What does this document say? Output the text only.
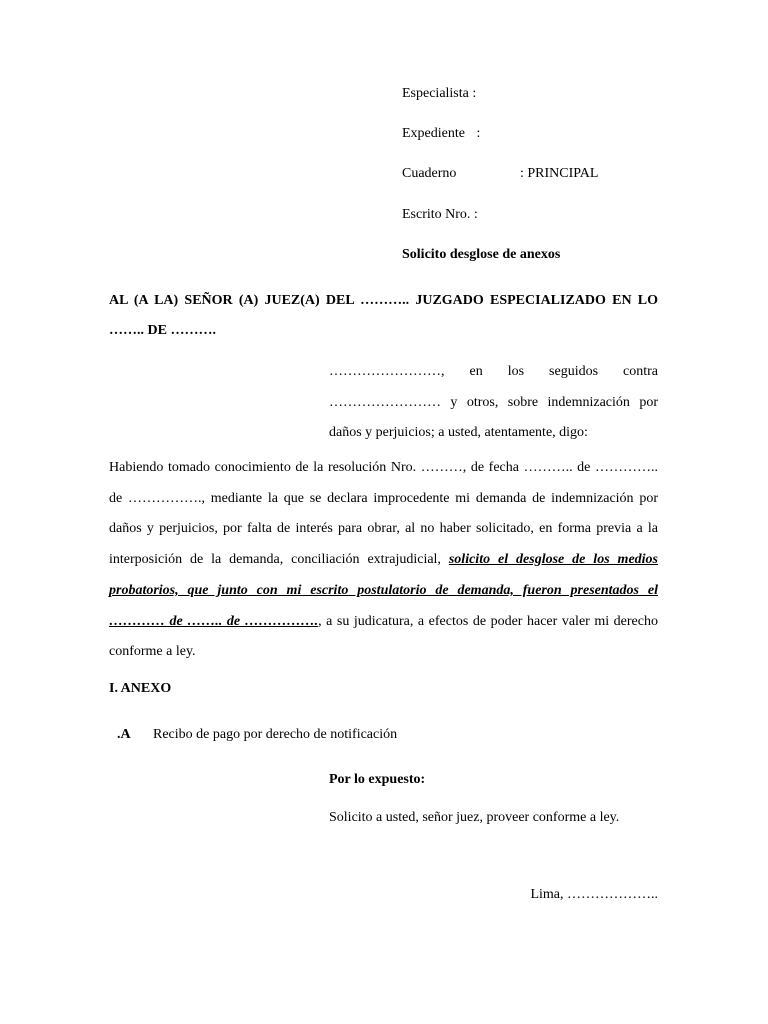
Especialista :
Expediente :
Cuaderno	: PRINCIPAL
Escrito Nro. :
Solicito desglose de anexos
AL (A LA) SEÑOR (A) JUEZ(A) DEL ……….. JUZGADO ESPECIALIZADO EN LO
…….. DE ……….
……………………, en los seguidos contra
…………………… y otros, sobre indemnización por
daños y perjuicios; a usted, atentamente, digo:
Habiendo tomado conocimiento de la resolución Nro. ………, de fecha ……….. de …………..
de ……………., mediante la que se declara improcedente mi demanda de indemnización por
daños y perjuicios, por falta de interés para obrar, al no haber solicitado, en forma previa a la
interposición de la demanda, conciliación extrajudicial, solicito el desglose de los medios
probatorios, que junto con mi escrito postulatorio de demanda, fueron presentados el
………… de …….. de ……………., a su judicatura, a efectos de poder hacer valer mi derecho
conforme a ley.
I. ANEXO
.A Recibo de pago por derecho de notificación
Por lo expuesto:
Solicito a usted, señor juez, proveer conforme a ley.
Lima, ………………..
